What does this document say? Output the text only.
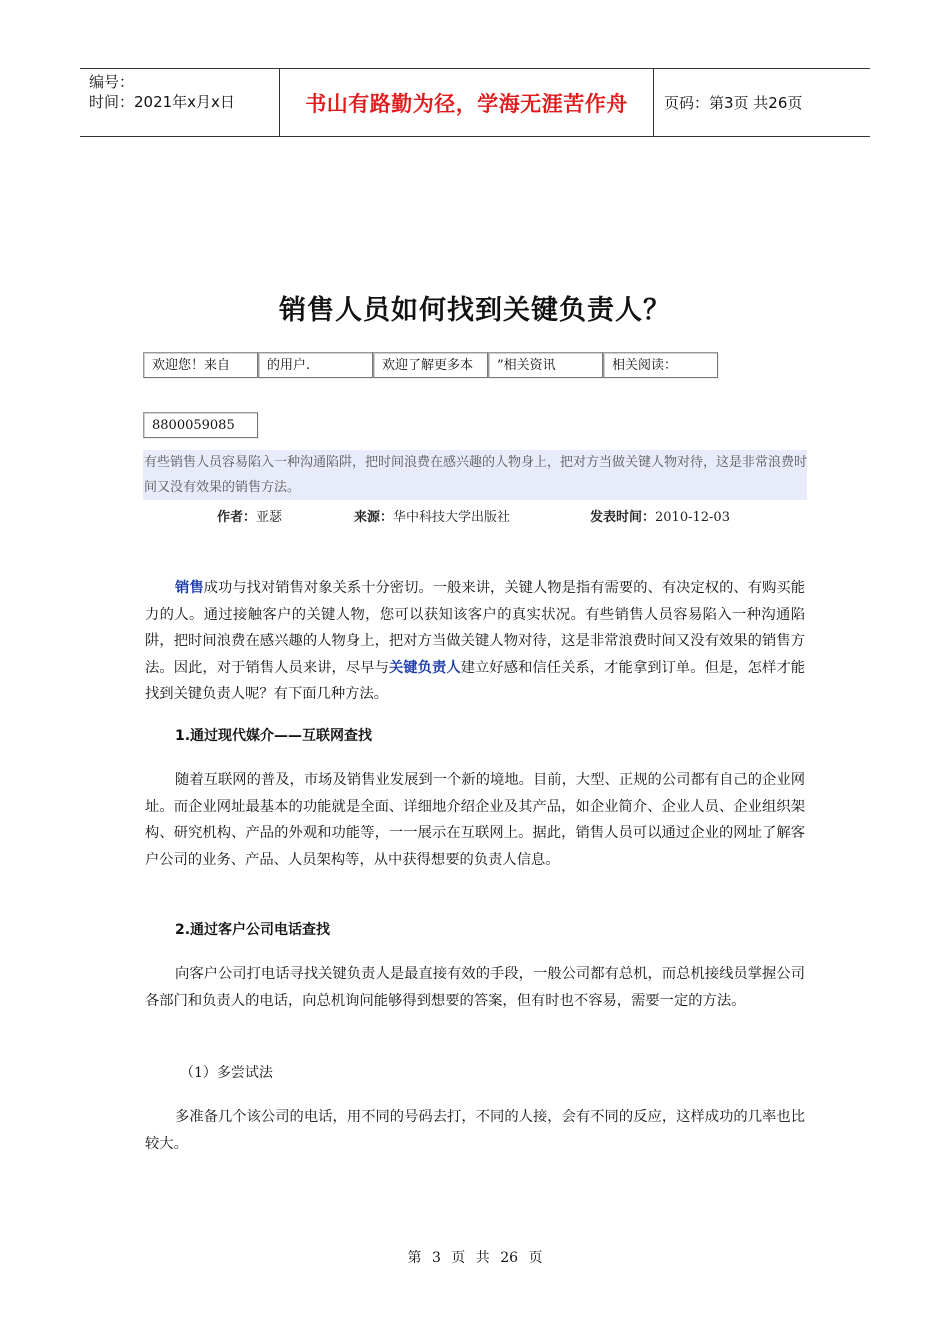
编号：
时间：2021年x月x日	书山有路勤为径，学海无涯苦作舟	页码：第3页 共26页
销售人员如何找到关键负责人？
欢迎您！来自	的用户.	欢迎了解更多本	”相关资讯	相关阅读：
8800059085
有些销售人员容易陷入一种沟通陷阱，把时间浪费在感兴趣的人物身上，把对方当做关键人物对待，这是非常浪费时间又没有效果的销售方法。
作者：亚瑟	来源：华中科技大学出版社	发表时间：2010-12-03
销售成功与找对销售对象关系十分密切。一般来讲，关键人物是指有需要的、有决定权的、有购买能力的人。通过接触客户的关键人物，您可以获知该客户的真实状况。有些销售人员容易陷入一种沟通陷阱，把时间浪费在感兴趣的人物身上，把对方当做关键人物对待，这是非常浪费时间又没有效果的销售方法。因此，对于销售人员来讲，尽早与关键负责人建立好感和信任关系，才能拿到订单。但是，怎样才能找到关键负责人呢？有下面几种方法。
1.通过现代媒介——互联网查找
随着互联网的普及，市场及销售业发展到一个新的境地。目前，大型、正规的公司都有自己的企业网址。而企业网址最基本的功能就是全面、详细地介绍企业及其产品，如企业简介、企业人员、企业组织架构、研究机构、产品的外观和功能等，一一展示在互联网上。据此，销售人员可以通过企业的网址了解客户公司的业务、产品、人员架构等，从中获得想要的负责人信息。
2.通过客户公司电话查找
向客户公司打电话寻找关键负责人是最直接有效的手段，一般公司都有总机，而总机接线员掌握公司各部门和负责人的电话，向总机询问能够得到想要的答案，但有时也不容易，需要一定的方法。
（1）多尝试法
多准备几个该公司的电话，用不同的号码去打，不同的人接，会有不同的反应，这样成功的几率也比较大。
第 3 页 共 26 页
